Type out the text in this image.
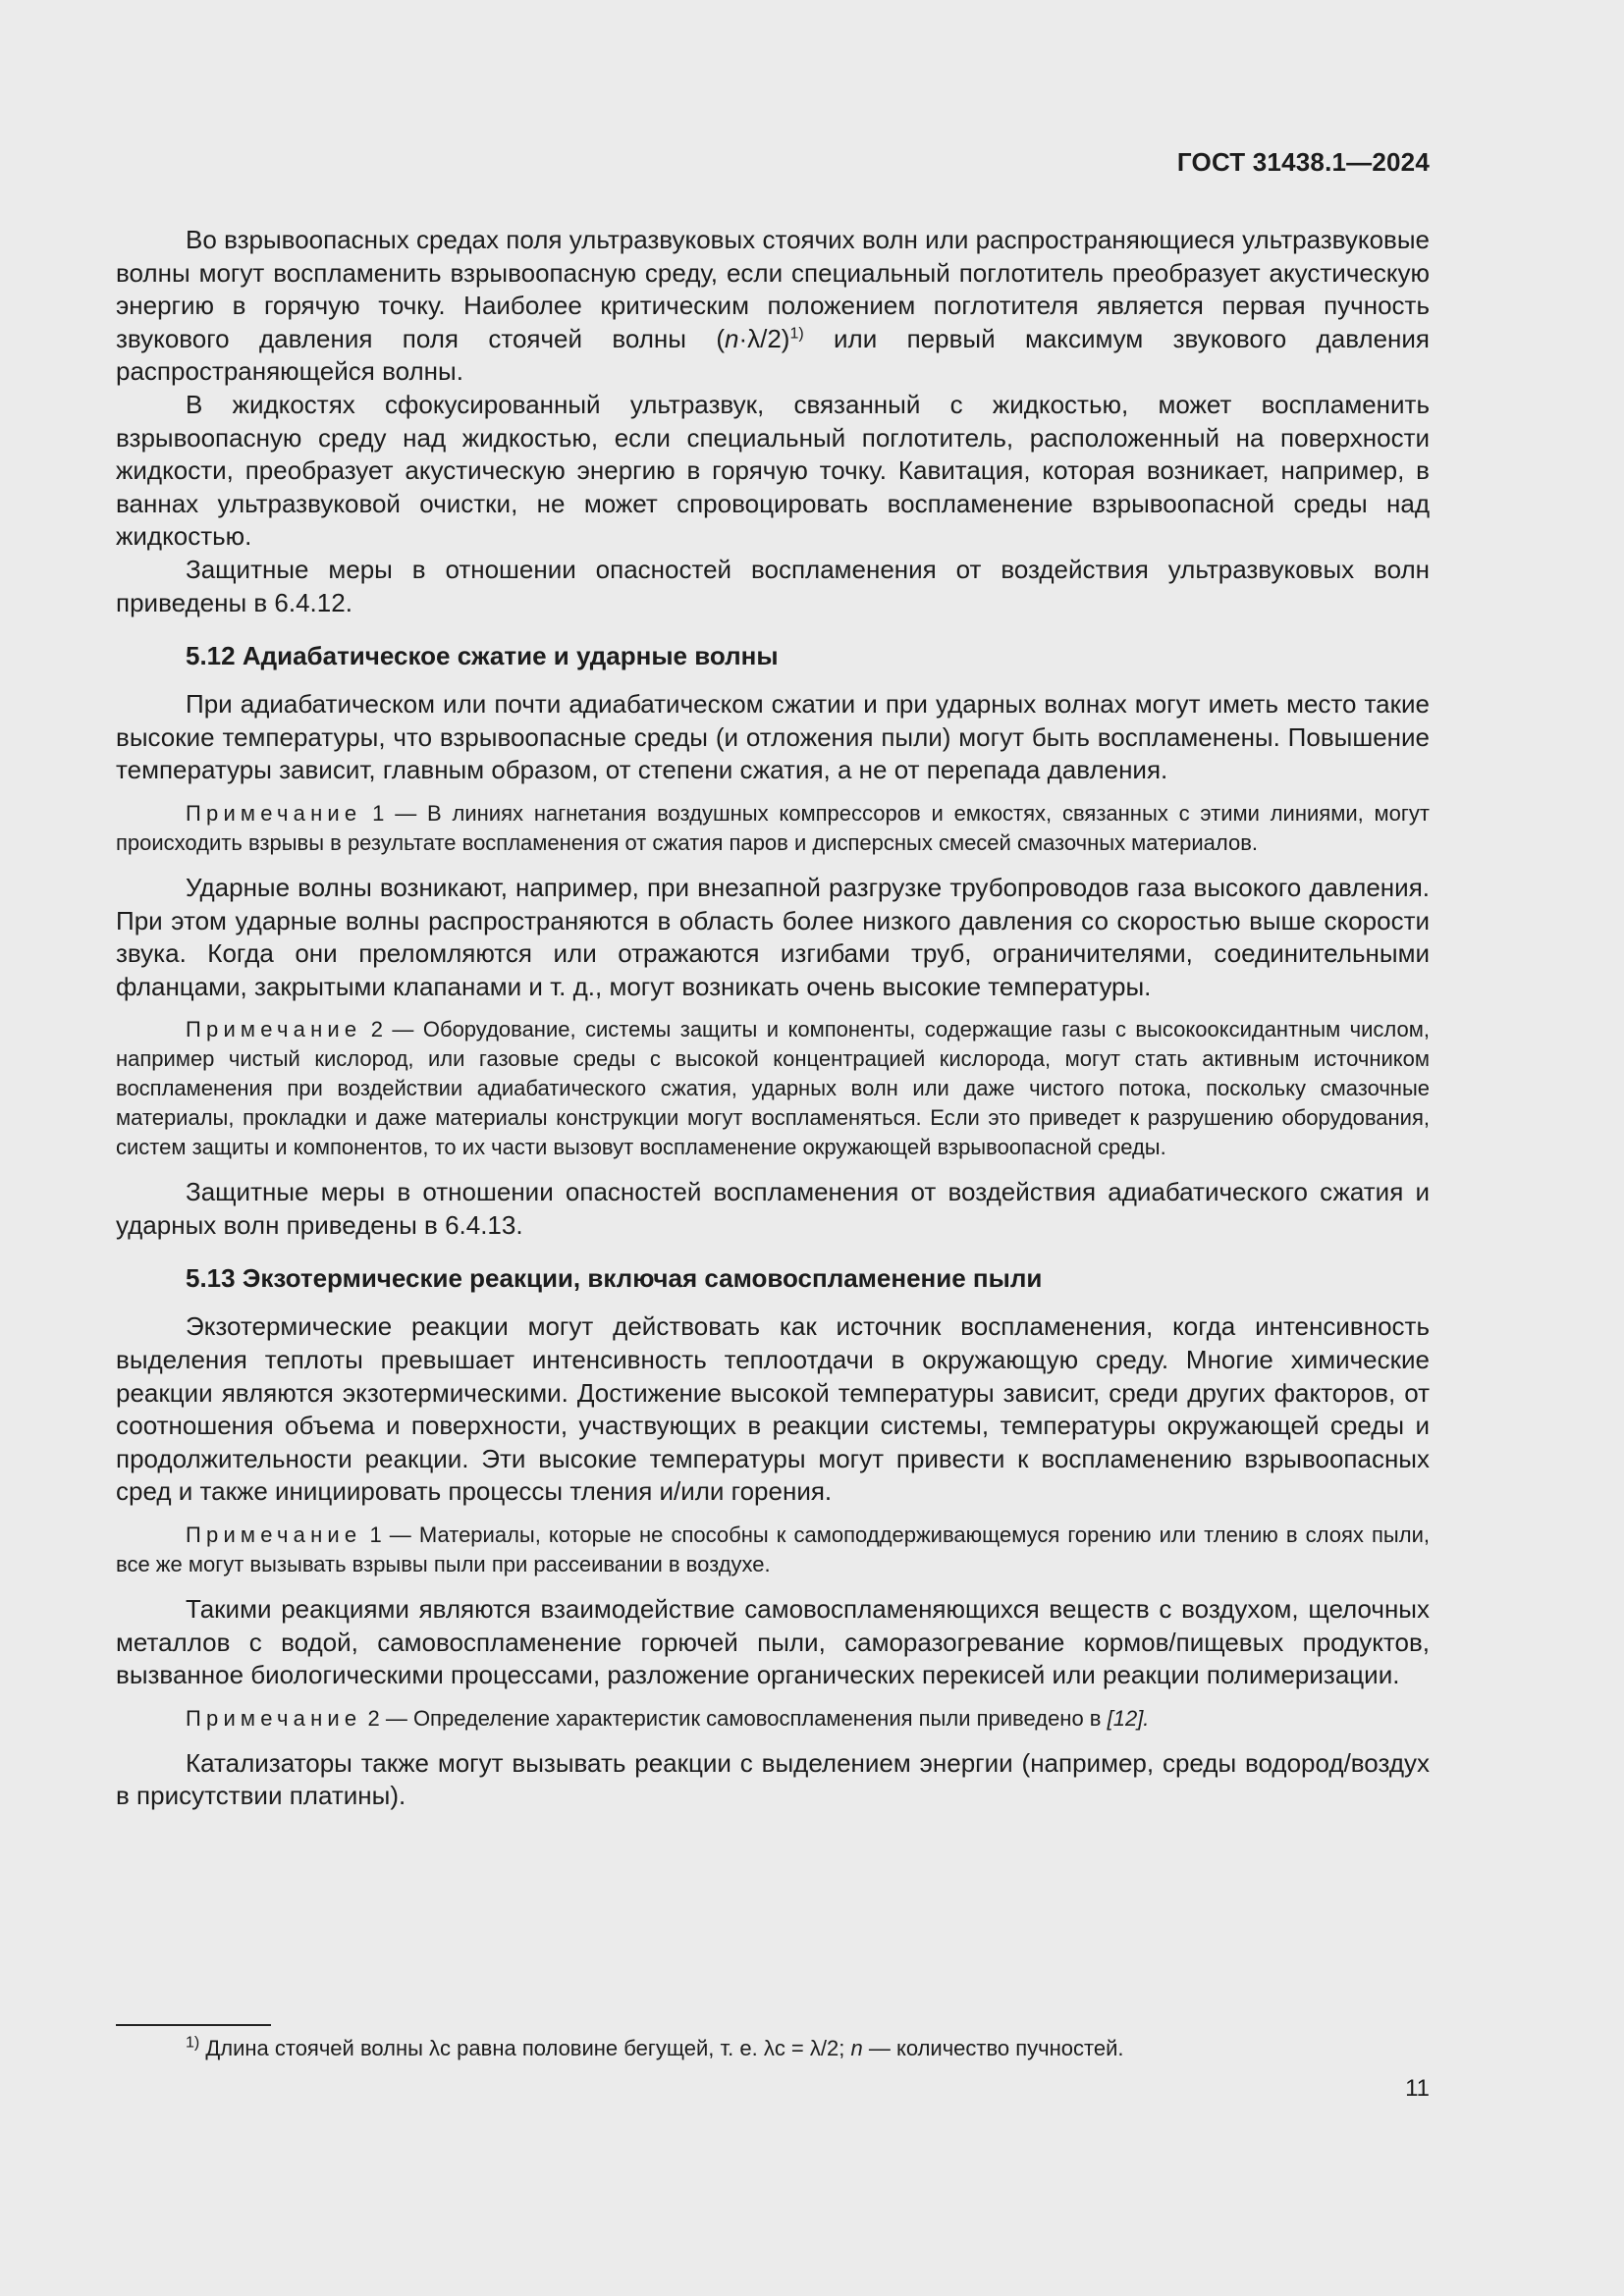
ГОСТ 31438.1—2024

Во взрывоопасных средах поля ультразвуковых стоячих волн или распространяющиеся ультразвуковые волны могут воспламенить взрывоопасную среду, если специальный поглотитель преобразует акустическую энергию в горячую точку. Наиболее критическим положением поглотителя является первая пучность звукового давления поля стоячей волны $(n\cdot\lambda/2)^{1)}$ или первый максимум звукового давления распространяющейся волны.

В жидкостях сфокусированный ультразвук, связанный с жидкостью, может воспламенить взрывоопасную среду над жидкостью, если специальный поглотитель, расположенный на поверхности жидкости, преобразует акустическую энергию в горячую точку. Кавитация, которая возникает, например, в ваннах ультразвуковой очистки, не может спровоцировать воспламенение взрывоопасной среды над жидкостью.

Защитные меры в отношении опасностей воспламенения от воздействия ультразвуковых волн приведены в 6.4.12.

5.12 Адиабатическое сжатие и ударные волны

При адиабатическом или почти адиабатическом сжатии и при ударных волнах могут иметь место такие высокие температуры, что взрывоопасные среды (и отложения пыли) могут быть воспламенены. Повышение температуры зависит, главным образом, от степени сжатия, а не от перепада давления.

Примечание 1 — В линиях нагнетания воздушных компрессоров и емкостях, связанных с этими линиями, могут происходить взрывы в результате воспламенения от сжатия паров и дисперсных смесей смазочных материалов.

Ударные волны возникают, например, при внезапной разгрузке трубопроводов газа высокого давления. При этом ударные волны распространяются в область более низкого давления со скоростью выше скорости звука. Когда они преломляются или отражаются изгибами труб, ограничителями, соединительными фланцами, закрытыми клапанами и т. д., могут возникать очень высокие температуры.

Примечание 2 — Оборудование, системы защиты и компоненты, содержащие газы с высокооксидантным числом, например чистый кислород, или газовые среды с высокой концентрацией кислорода, могут стать активным источником воспламенения при воздействии адиабатического сжатия, ударных волн или даже чистого потока, поскольку смазочные материалы, прокладки и даже материалы конструкции могут воспламеняться. Если это приведет к разрушению оборудования, систем защиты и компонентов, то их части вызовут воспламенение окружающей взрывоопасной среды.

Защитные меры в отношении опасностей воспламенения от воздействия адиабатического сжатия и ударных волн приведены в 6.4.13.

5.13 Экзотермические реакции, включая самовоспламенение пыли

Экзотермические реакции могут действовать как источник воспламенения, когда интенсивность выделения теплоты превышает интенсивность теплоотдачи в окружающую среду. Многие химические реакции являются экзотермическими. Достижение высокой температуры зависит, среди других факторов, от соотношения объема и поверхности, участвующих в реакции системы, температуры окружающей среды и продолжительности реакции. Эти высокие температуры могут привести к воспламенению взрывоопасных сред и также инициировать процессы тления и/или горения.

Примечание 1 — Материалы, которые не способны к самоподдерживающемуся горению или тлению в слоях пыли, все же могут вызывать взрывы пыли при рассеивании в воздухе.

Такими реакциями являются взаимодействие самовоспламеняющихся веществ с воздухом, щелочных металлов с водой, самовоспламенение горючей пыли, саморазогревание кормов/пищевых продуктов, вызванное биологическими процессами, разложение органических перекисей или реакции полимеризации.

Примечание 2 — Определение характеристик самовоспламенения пыли приведено в [12].

Катализаторы также могут вызывать реакции с выделением энергии (например, среды водород/воздух в присутствии платины).

$^{1)}$ Длина стоячей волны λс равна половине бегущей, т. е. λс = λ/2; n — количество пучностей.
11
